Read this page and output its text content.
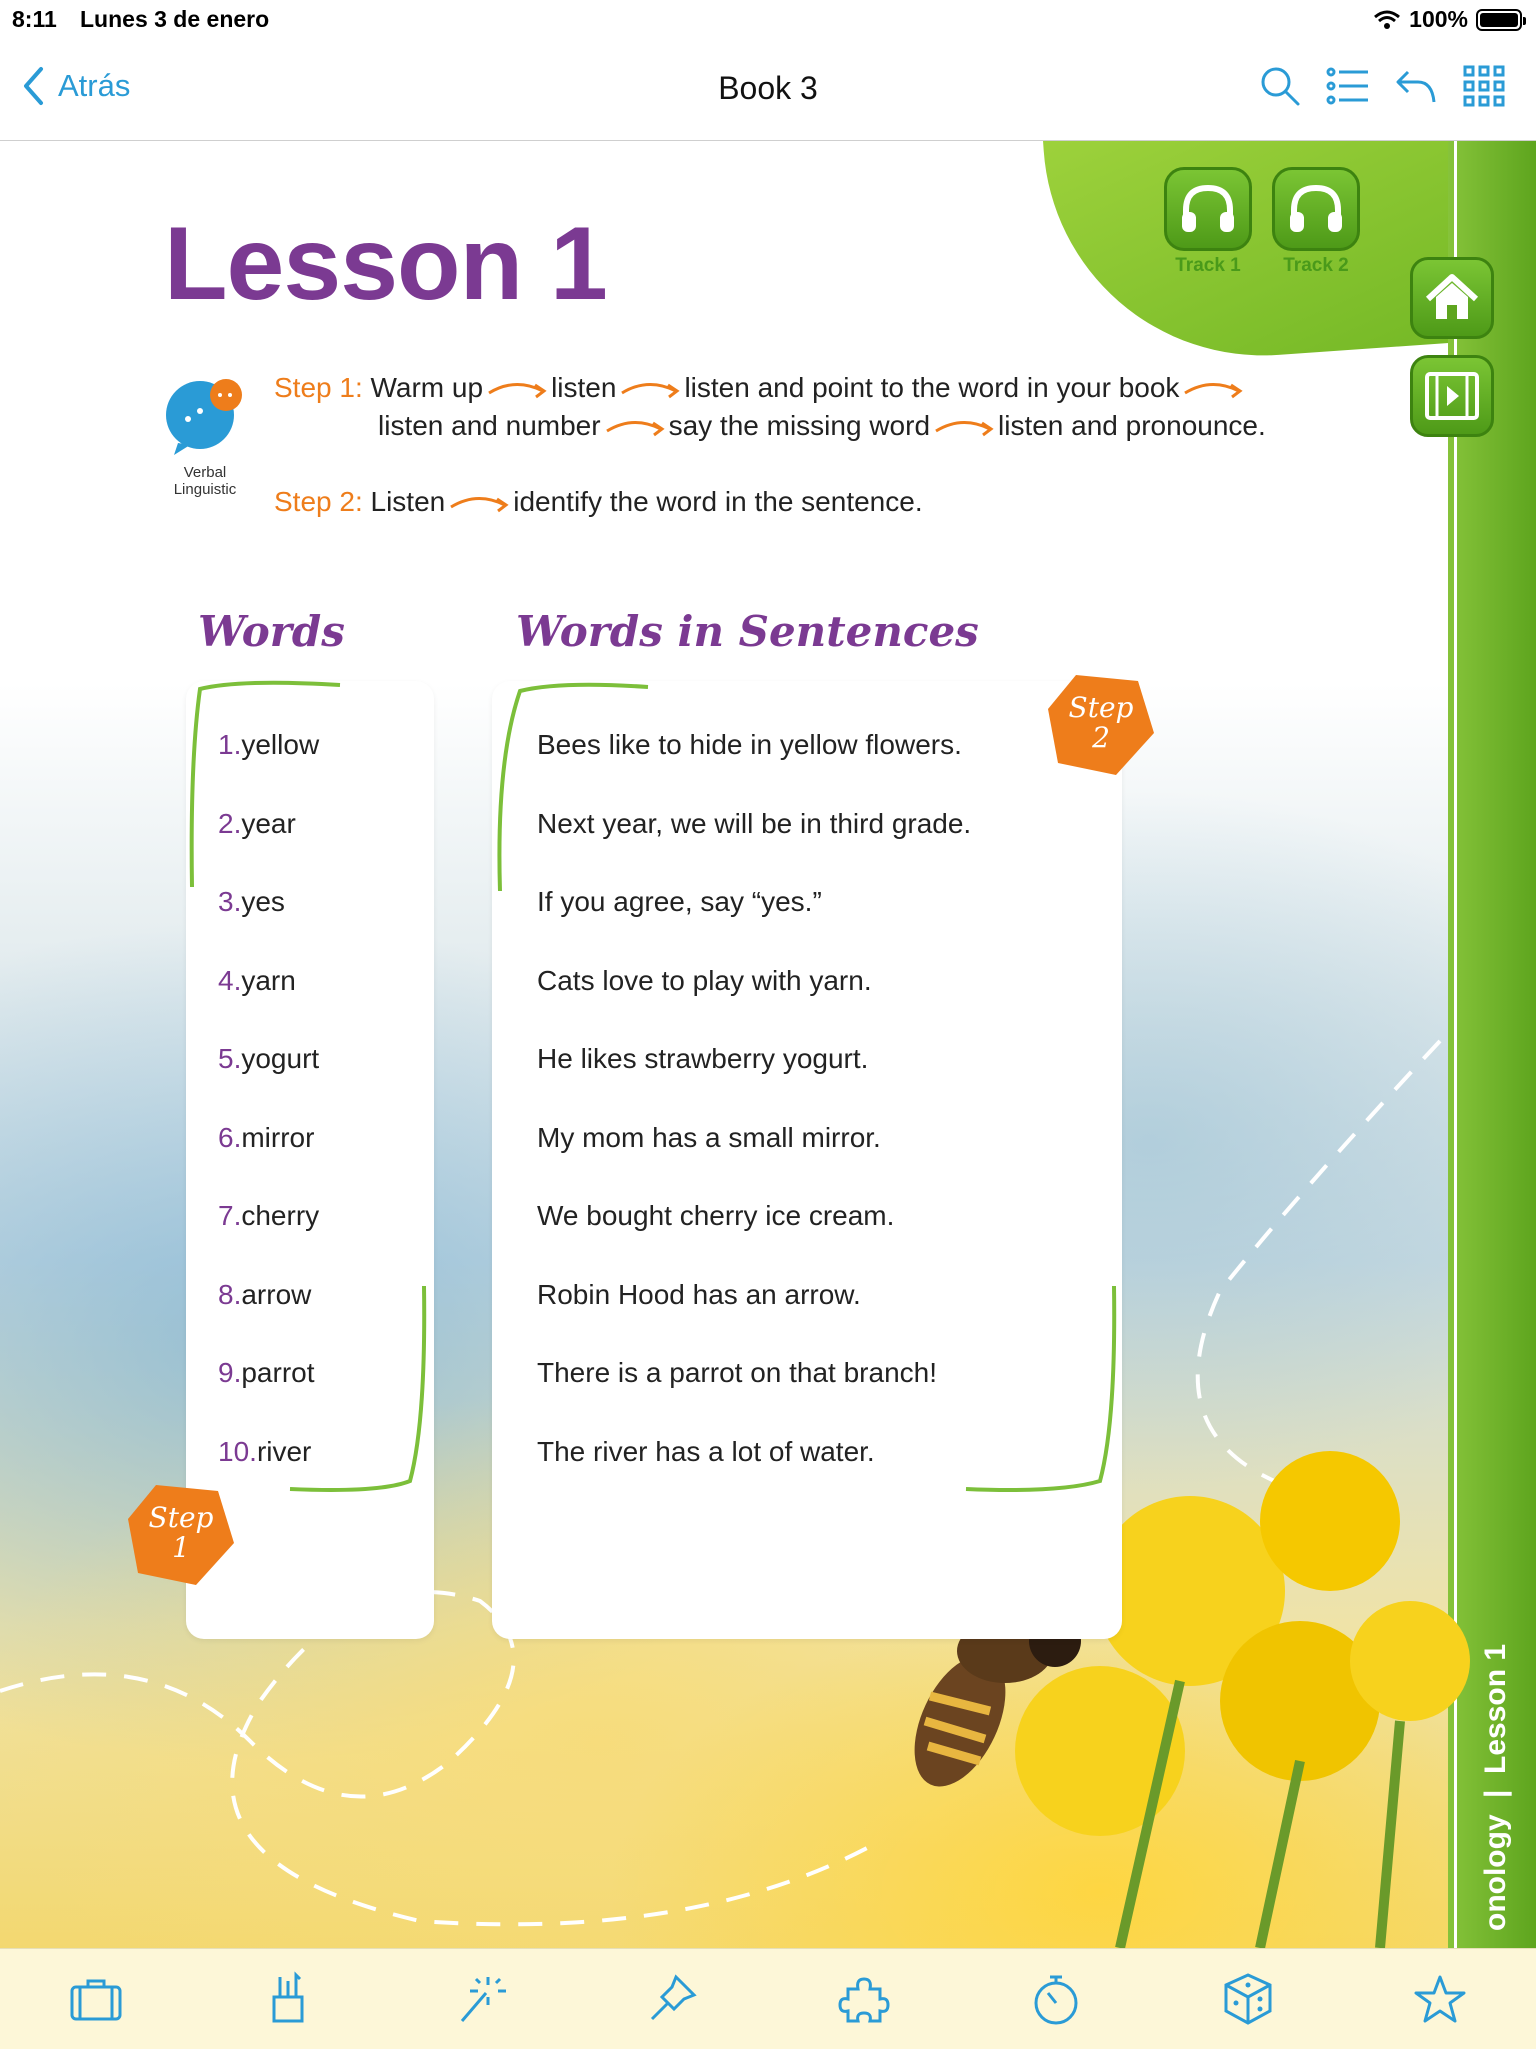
8:11 Lunes 3 de enero	100%
Atrás	Book 3
Track 1 Track 2
onology
|
Lesson 1
Lesson 1
Verbal
Linguistic
Step 1: Warm up listen listen and point to the word in your book
listen and number say the missing word listen and pronounce.
Step 2: Listen identify the word in the sentence.
Words	Words in Sentences
1.yellow
2.year
3.yes
4.yarn
5.yogurt
6.mirror
7.cherry
8.arrow
9.parrot
10.river
Bees like to hide in yellow flowers.
Next year, we will be in third grade.
If you agree, say “yes.”
Cats love to play with yarn.
He likes strawberry yogurt.
My mom has a small mirror.
We bought cherry ice cream.
Robin Hood has an arrow.
There is a parrot on that branch!
The river has a lot of water.
Step
2
Step
1
